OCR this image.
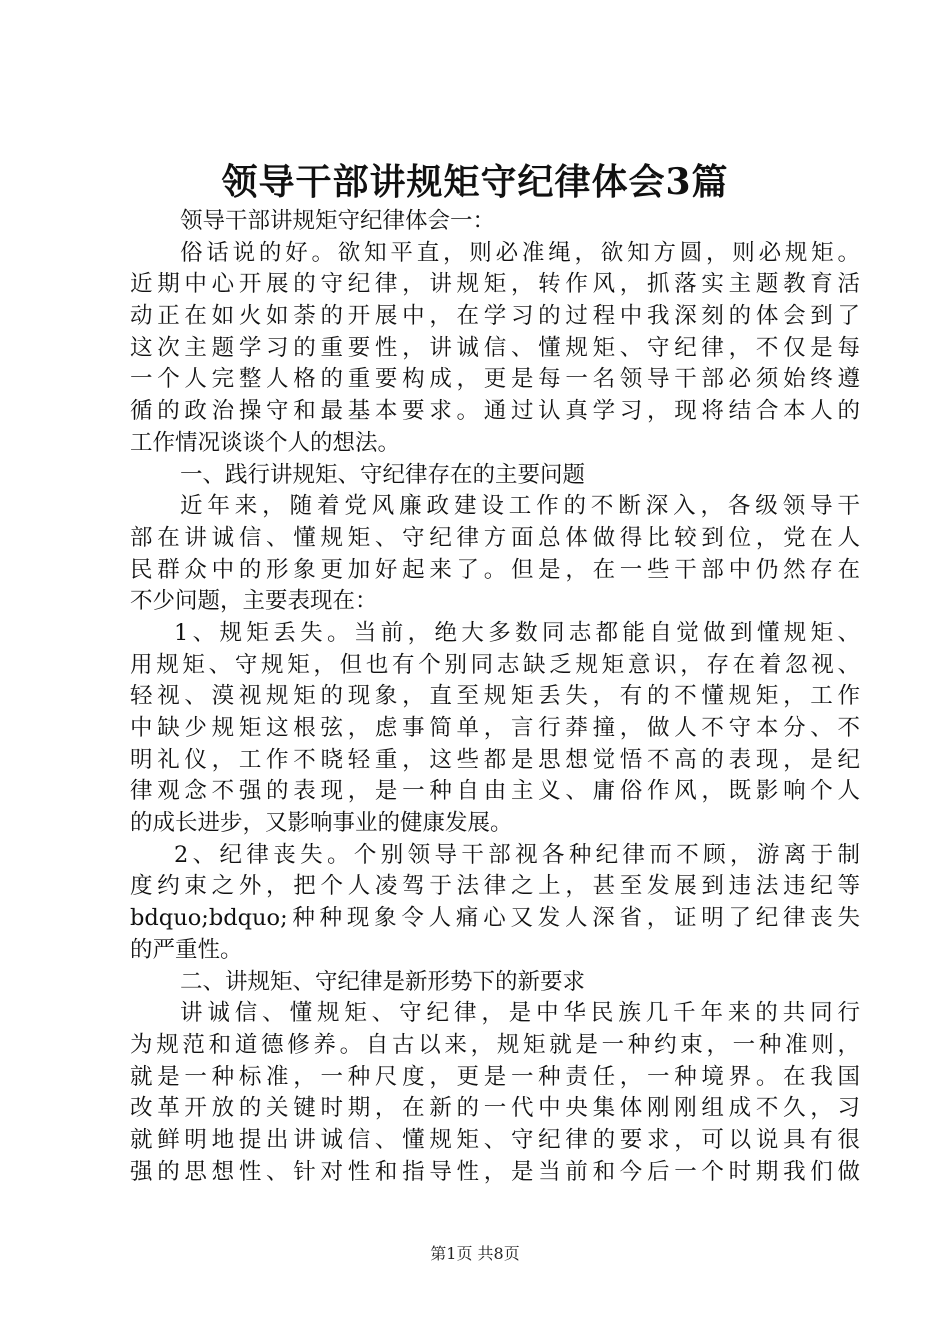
领导干部讲规矩守纪律体会3篇
领导干部讲规矩守纪律体会一：
俗话说的好。欲知平直，则必准绳，欲知方圆，则必规矩。
近期中心开展的守纪律，讲规矩，转作风，抓落实主题教育活
动正在如火如荼的开展中，在学习的过程中我深刻的体会到了
这次主题学习的重要性，讲诚信、懂规矩、守纪律，不仅是每
一个人完整人格的重要构成，更是每一名领导干部必须始终遵
循的政治操守和最基本要求。通过认真学习，现将结合本人的
工作情况谈谈个人的想法。
一、践行讲规矩、守纪律存在的主要问题
近年来，随着党风廉政建设工作的不断深入，各级领导干
部在讲诚信、懂规矩、守纪律方面总体做得比较到位，党在人
民群众中的形象更加好起来了。但是，在一些干部中仍然存在
不少问题，主要表现在：
1、规矩丢失。当前，绝大多数同志都能自觉做到懂规矩、
用规矩、守规矩，但也有个别同志缺乏规矩意识，存在着忽视、
轻视、漠视规矩的现象，直至规矩丢失，有的不懂规矩，工作
中缺少规矩这根弦，虑事简单，言行莽撞，做人不守本分、不
明礼仪，工作不晓轻重，这些都是思想觉悟不高的表现，是纪
律观念不强的表现，是一种自由主义、庸俗作风，既影响个人
的成长进步，又影响事业的健康发展。
2、纪律丧失。个别领导干部视各种纪律而不顾，游离于制
度约束之外，把个人凌驾于法律之上，甚至发展到违法违纪等
bdquo;bdquo;种种现象令人痛心又发人深省，证明了纪律丧失
的严重性。
二、讲规矩、守纪律是新形势下的新要求
讲诚信、懂规矩、守纪律，是中华民族几千年来的共同行
为规范和道德修养。自古以来，规矩就是一种约束，一种准则，
就是一种标准，一种尺度，更是一种责任，一种境界。在我国
改革开放的关键时期，在新的一代中央集体刚刚组成不久，习
就鲜明地提出讲诚信、懂规矩、守纪律的要求，可以说具有很
强的思想性、针对性和指导性，是当前和今后一个时期我们做
第1页 共8页
